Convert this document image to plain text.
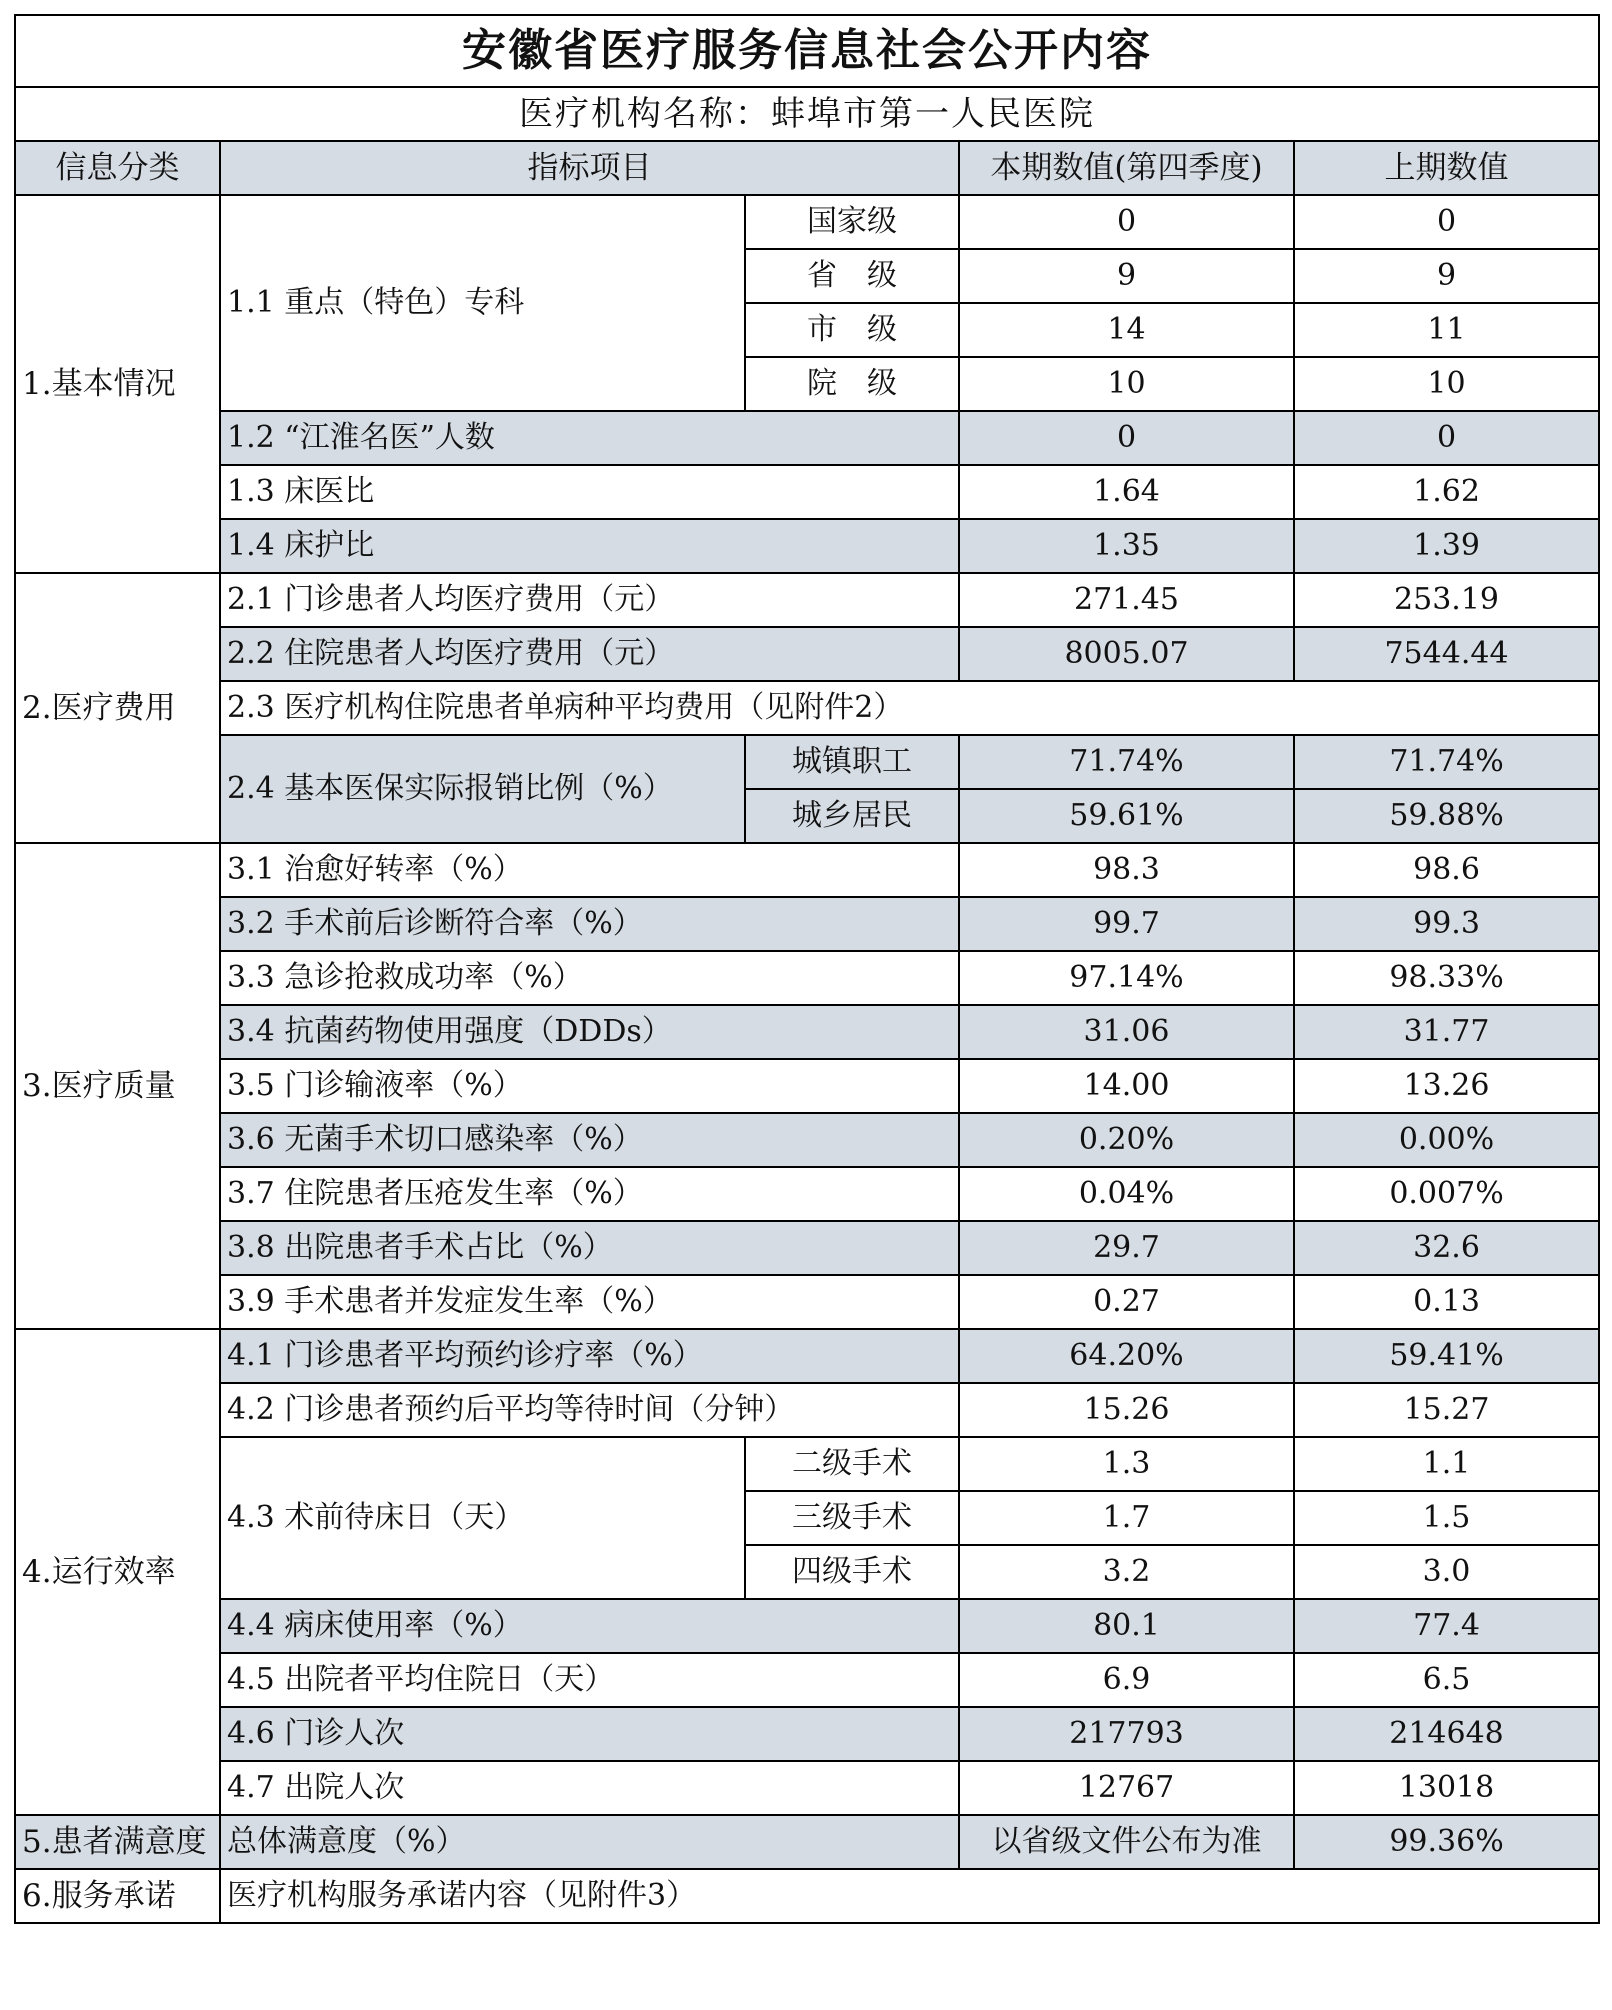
安徽省医疗服务信息社会公开内容				
医疗机构名称：蚌埠市第一人民医院				
信息分类	指标项目		本期数值(第四季度)	上期数值
1.基本情况	1.1 重点（特色）专科	国家级	0	0
		省　级	9	9
		市　级	14	11
		院　级	10	10
	1.2 “江淮名医”人数		0	0
	1.3 床医比		1.64	1.62
	1.4 床护比		1.35	1.39
2.医疗费用	2.1 门诊患者人均医疗费用（元）		271.45	253.19
	2.2 住院患者人均医疗费用（元）		8005.07	7544.44
	2.3 医疗机构住院患者单病种平均费用（见附件2）			
	2.4 基本医保实际报销比例（%）	城镇职工	71.74%	71.74%
		城乡居民	59.61%	59.88%
3.医疗质量	3.1 治愈好转率（%）		98.3	98.6
	3.2 手术前后诊断符合率（%）		99.7	99.3
	3.3 急诊抢救成功率（%）		97.14%	98.33%
	3.4 抗菌药物使用强度（DDDs）		31.06	31.77
	3.5 门诊输液率（%）		14.00	13.26
	3.6 无菌手术切口感染率（%）		0.20%	0.00%
	3.7 住院患者压疮发生率（%）		0.04%	0.007%
	3.8 出院患者手术占比（%）		29.7	32.6
	3.9 手术患者并发症发生率（%）		0.27	0.13
4.运行效率	4.1 门诊患者平均预约诊疗率（%）		64.20%	59.41%
	4.2 门诊患者预约后平均等待时间（分钟）		15.26	15.27
	4.3 术前待床日（天）	二级手术	1.3	1.1
		三级手术	1.7	1.5
		四级手术	3.2	3.0
	4.4 病床使用率（%）		80.1	77.4
	4.5 出院者平均住院日（天）		6.9	6.5
	4.6 门诊人次		217793	214648
	4.7 出院人次		12767	13018
5.患者满意度	总体满意度（%）		以省级文件公布为准	99.36%
6.服务承诺	医疗机构服务承诺内容（见附件3）			
